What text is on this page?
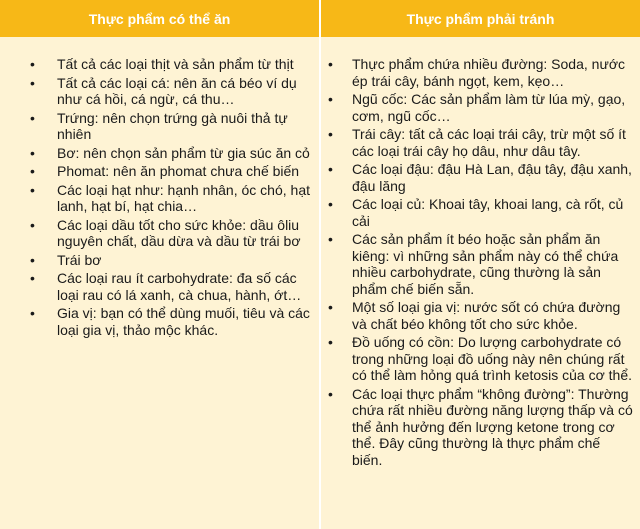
Thực phẩm có thể ăn	Thực phẩm phải tránh
• Tất cả các loại thịt và sản phẩm từ thịt
• Tất cả các loại cá: nên ăn cá béo ví dụ như cá hồi, cá ngừ, cá thu…
• Trứng: nên chọn trứng gà nuôi thả tự nhiên
• Bơ: nên chọn sản phẩm từ gia súc ăn cỏ
• Phomat: nên ăn phomat chưa chế biến
• Các loại hạt như: hạnh nhân, óc chó, hạt lanh, hạt bí, hạt chia…
• Các loại dầu tốt cho sức khỏe: dầu ôliu nguyên chất, dầu dừa và dầu từ trái bơ
• Trái bơ
• Các loại rau ít carbohydrate: đa số các loại rau có lá xanh, cà chua, hành, ớt…
• Gia vị: bạn có thể dùng muối, tiêu và các loại gia vị, thảo mộc khác.
• Thực phẩm chứa nhiều đường: Soda, nước ép trái cây, bánh ngọt, kem, kẹo…
• Ngũ cốc: Các sản phẩm làm từ lúa mỳ, gạo, cơm, ngũ cốc…
• Trái cây: tất cả các loại trái cây, trừ một số ít các loại trái cây họ dâu, như dâu tây.
• Các loại đậu: đậu Hà Lan, đậu tây, đậu xanh, đậu lăng
• Các loại củ: Khoai tây, khoai lang, cà rốt, củ cải
• Các sản phẩm ít béo hoặc sản phẩm ăn kiêng: vì những sản phẩm này có thể chứa nhiều carbohydrate, cũng thường là sản phẩm chế biến sẵn.
• Một số loại gia vị: nước sốt có chứa đường và chất béo không tốt cho sức khỏe.
• Đồ uống có cồn: Do lượng carbohydrate có trong những loại đồ uống này nên chúng rất có thể làm hỏng quá trình ketosis của cơ thể.
• Các loại thực phẩm “không đường”: Thường chứa rất nhiều đường năng lượng thấp và có thể ảnh hưởng đến lượng ketone trong cơ thể. Đây cũng thường là thực phẩm chế biến.
